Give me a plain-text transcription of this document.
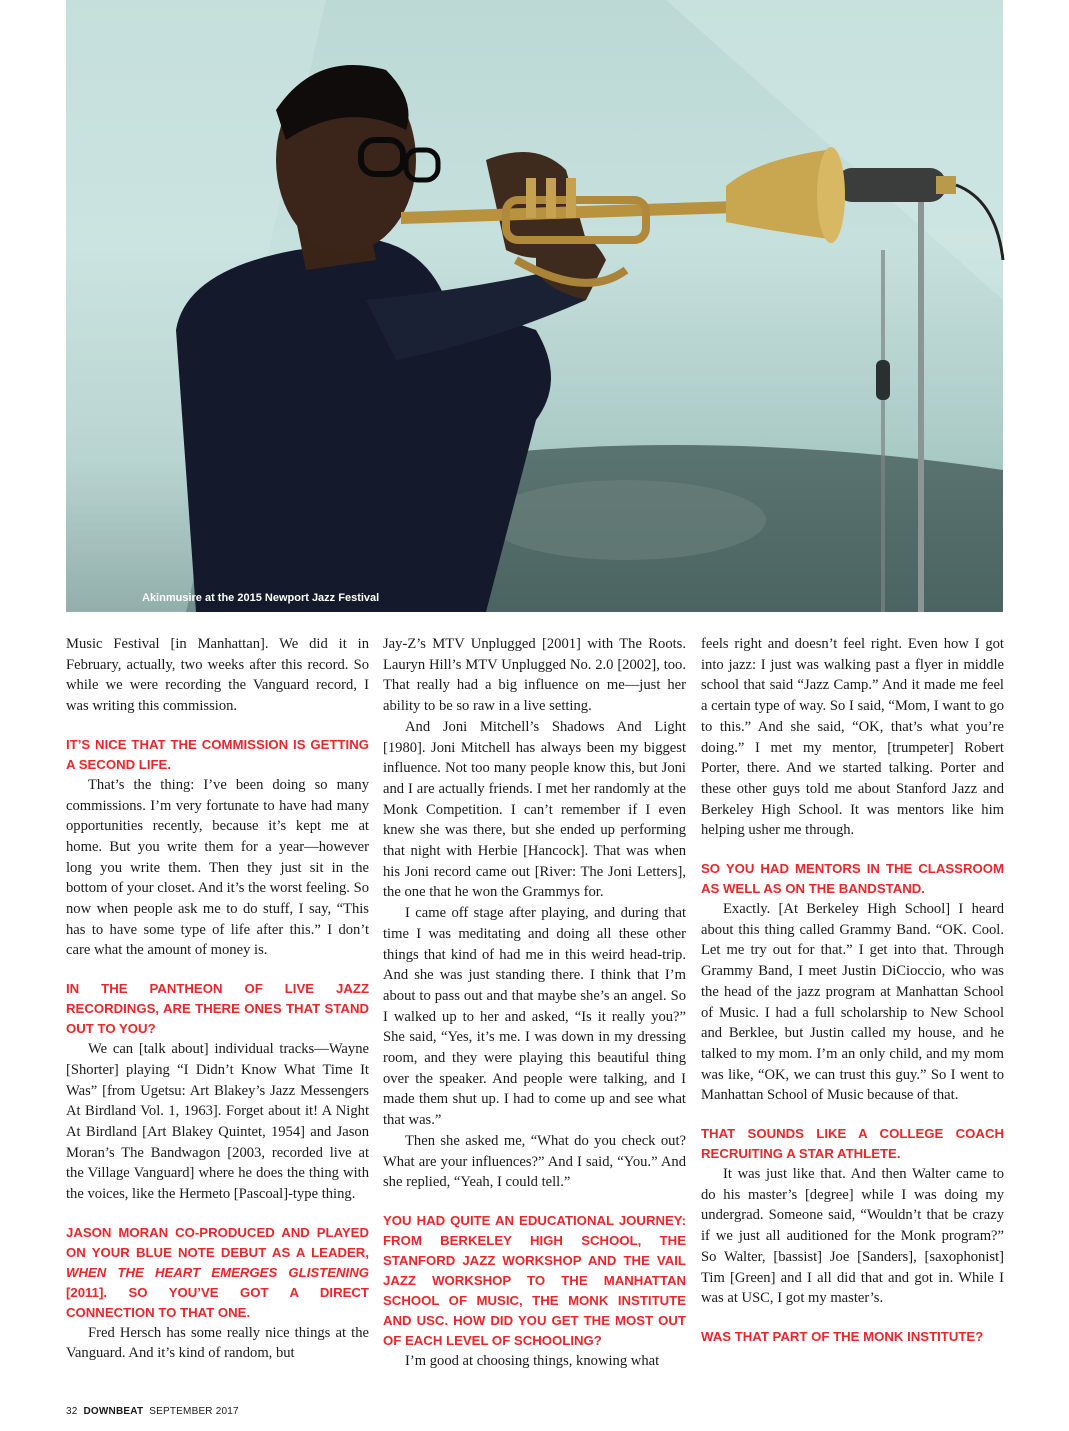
STEVEN SUSSMAN
Akinmusire at the 2015 Newport Jazz Festival

Music Festival [in Manhattan]. We did it in February, actually, two weeks after this record. So while we were recording the Vanguard record, I was writing this commission.

IT’S NICE THAT THE COMMISSION IS GETTING A SECOND LIFE.

That’s the thing: I’ve been doing so many commissions. I’m very fortunate to have had many opportunities recently, because it’s kept me at home. But you write them for a year—however long you write them. Then they just sit in the bottom of your closet. And it’s the worst feeling. So now when people ask me to do stuff, I say, “This has to have some type of life after this.” I don’t care what the amount of money is.

IN THE PANTHEON OF LIVE JAZZ RECORDINGS, ARE THERE ONES THAT STAND OUT TO YOU?

We can [talk about] individual tracks—Wayne [Shorter] playing “I Didn’t Know What Time It Was” [from Ugetsu: Art Blakey’s Jazz Messengers At Birdland Vol. 1, 1963]. Forget about it! A Night At Birdland [Art Blakey Quintet, 1954] and Jason Moran’s The Bandwagon [2003, recorded live at the Village Vanguard] where he does the thing with the voices, like the Hermeto [Pascoal]-type thing.

JASON MORAN CO-PRODUCED AND PLAYED ON YOUR BLUE NOTE DEBUT AS A LEADER, WHEN THE HEART EMERGES GLISTENING [2011]. SO YOU’VE GOT A DIRECT CONNECTION TO THAT ONE.

Fred Hersch has some really nice things at the Vanguard. And it’s kind of random, but

Jay-Z’s MTV Unplugged [2001] with The Roots. Lauryn Hill’s MTV Unplugged No. 2.0 [2002], too. That really had a big influence on me—just her ability to be so raw in a live setting.

And Joni Mitchell’s Shadows And Light [1980]. Joni Mitchell has always been my biggest influence. Not too many people know this, but Joni and I are actually friends. I met her randomly at the Monk Competition. I can’t remember if I even knew she was there, but she ended up performing that night with Herbie [Hancock]. That was when his Joni record came out [River: The Joni Letters], the one that he won the Grammys for.

I came off stage after playing, and during that time I was meditating and doing all these other things that kind of had me in this weird head-trip. And she was just standing there. I think that I’m about to pass out and that maybe she’s an angel. So I walked up to her and asked, “Is it really you?” She said, “Yes, it’s me. I was down in my dressing room, and they were playing this beautiful thing over the speaker. And people were talking, and I made them shut up. I had to come up and see what that was.”

Then she asked me, “What do you check out? What are your influences?” And I said, “You.” And she replied, “Yeah, I could tell.”

YOU HAD QUITE AN EDUCATIONAL JOURNEY: FROM BERKELEY HIGH SCHOOL, THE STANFORD JAZZ WORKSHOP AND THE VAIL JAZZ WORKSHOP TO THE MANHATTAN SCHOOL OF MUSIC, THE MONK INSTITUTE AND USC. HOW DID YOU GET THE MOST OUT OF EACH LEVEL OF SCHOOLING?

I’m good at choosing things, knowing what

feels right and doesn’t feel right. Even how I got into jazz: I just was walking past a flyer in middle school that said “Jazz Camp.” And it made me feel a certain type of way. So I said, “Mom, I want to go to this.” And she said, “OK, that’s what you’re doing.” I met my mentor, [trumpeter] Robert Porter, there. And we started talking. Porter and these other guys told me about Stanford Jazz and Berkeley High School. It was mentors like him helping usher me through.

SO YOU HAD MENTORS IN THE CLASSROOM AS WELL AS ON THE BANDSTAND.

Exactly. [At Berkeley High School] I heard about this thing called Grammy Band. “OK. Cool. Let me try out for that.” I get into that. Through Grammy Band, I meet Justin DiCioccio, who was the head of the jazz program at Manhattan School of Music. I had a full scholarship to New School and Berklee, but Justin called my house, and he talked to my mom. I’m an only child, and my mom was like, “OK, we can trust this guy.” So I went to Manhattan School of Music because of that.

THAT SOUNDS LIKE A COLLEGE COACH RECRUITING A STAR ATHLETE.

It was just like that. And then Walter came to do his master’s [degree] while I was doing my undergrad. Someone said, “Wouldn’t that be crazy if we just all auditioned for the Monk program?” So Walter, [bassist] Joe [Sanders], [saxophonist] Tim [Green] and I all did that and got in. While I was at USC, I got my master’s.

WAS THAT PART OF THE MONK INSTITUTE?
32 DOWNBEAT SEPTEMBER 2017
